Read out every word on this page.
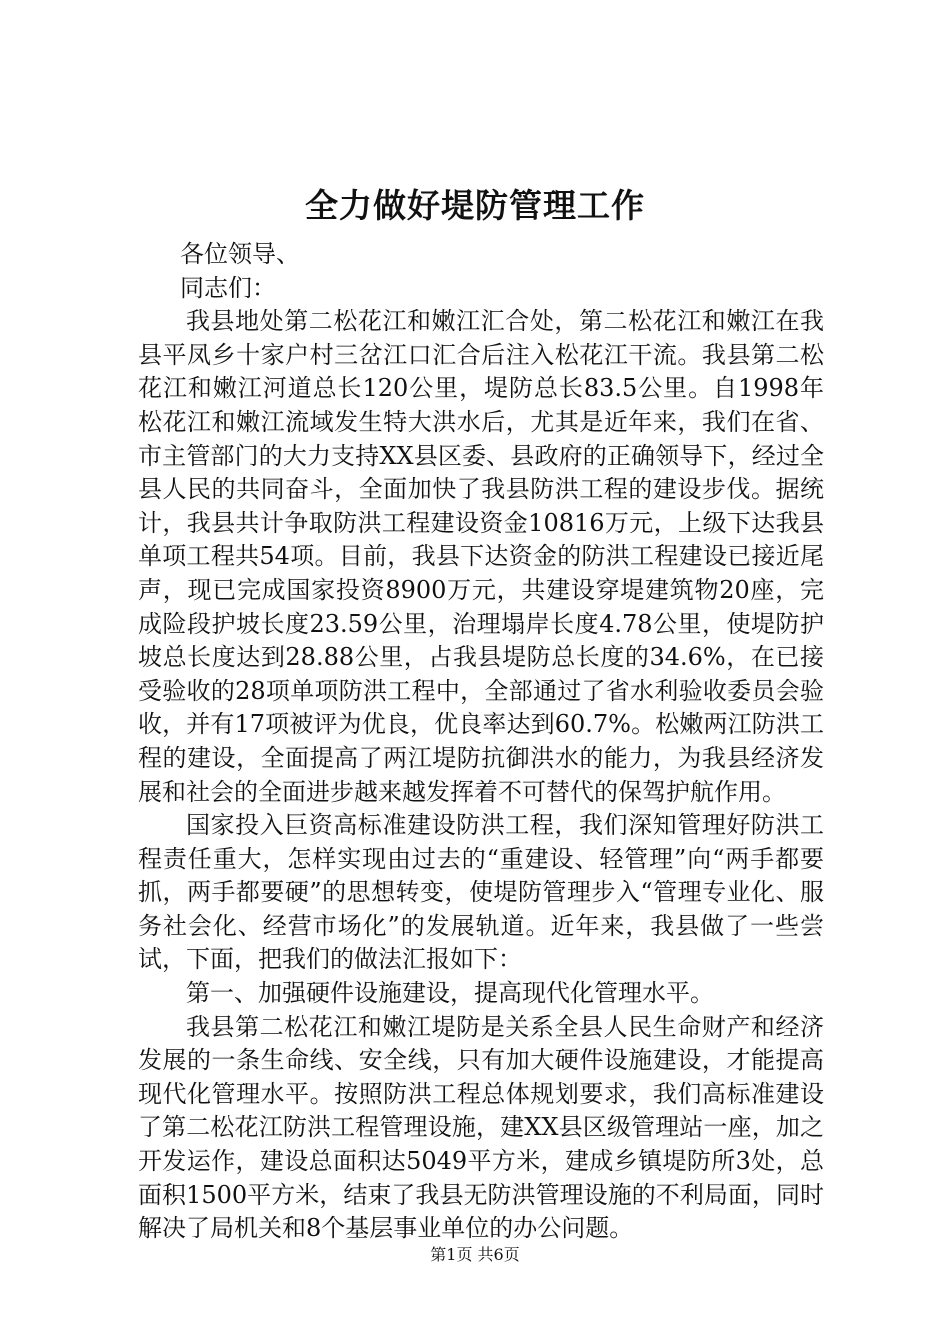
全力做好堤防管理工作

各位领导、

同志们：

我县地处第二松花江和嫩江汇合处，第二松花江和嫩江在我县平凤乡十家户村三岔江口汇合后注入松花江干流。我县第二松花江和嫩江河道总长120公里，堤防总长83.5公里。自1998年松花江和嫩江流域发生特大洪水后，尤其是近年来，我们在省、市主管部门的大力支持XX县区委、县政府的正确领导下，经过全县人民的共同奋斗，全面加快了我县防洪工程的建设步伐。据统计，我县共计争取防洪工程建设资金10816万元，上级下达我县单项工程共54项。目前，我县下达资金的防洪工程建设已接近尾声，现已完成国家投资8900万元，共建设穿堤建筑物20座，完成险段护坡长度23.59公里，治理塌岸长度4.78公里，使堤防护坡总长度达到28.88公里，占我县堤防总长度的34.6%，在已接受验收的28项单项防洪工程中，全部通过了省水利验收委员会验收，并有17项被评为优良，优良率达到60.7%。松嫩两江防洪工程的建设，全面提高了两江堤防抗御洪水的能力，为我县经济发展和社会的全面进步越来越发挥着不可替代的保驾护航作用。

国家投入巨资高标准建设防洪工程，我们深知管理好防洪工程责任重大，怎样实现由过去的“重建设、轻管理”向“两手都要抓，两手都要硬”的思想转变，使堤防管理步入“管理专业化、服务社会化、经营市场化”的发展轨道。近年来，我县做了一些尝试，下面，把我们的做法汇报如下：

第一、加强硬件设施建设，提高现代化管理水平。

我县第二松花江和嫩江堤防是关系全县人民生命财产和经济发展的一条生命线、安全线，只有加大硬件设施建设，才能提高现代化管理水平。按照防洪工程总体规划要求，我们高标准建设了第二松花江防洪工程管理设施，建XX县区级管理站一座，加之开发运作，建设总面积达5049平方米，建成乡镇堤防所3处，总面积1500平方米，结束了我县无防洪管理设施的不利局面，同时解决了局机关和8个基层事业单位的办公问题。

第1页 共6页
